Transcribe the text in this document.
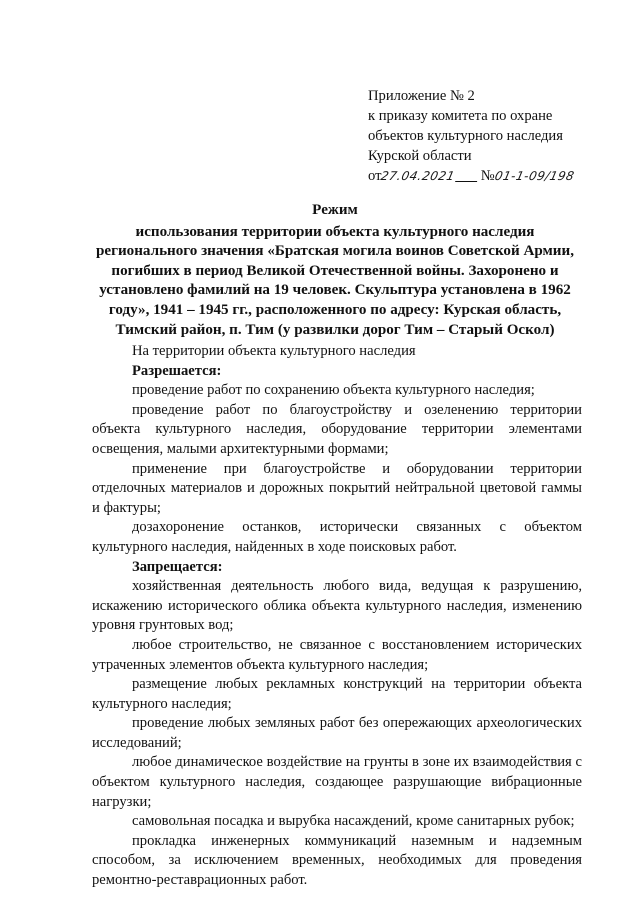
Приложение № 2
к приказу комитета по охране
объектов культурного наследия
Курской области
от27.04.2021 №01-1-09/198
Режим
использования территории объекта культурного наследия
регионального значения «Братская могила воинов Советской Армии,
погибших в период Великой Отечественной войны. Захоронено и
установлено фамилий на 19 человек. Скульптура установлена в 1962
году», 1941 – 1945 гг., расположенного по адресу: Курская область,
Тимский район, п. Тим (у развилки дорог Тим – Старый Оскол)

На территории объекта культурного наследия

Разрешается:

проведение работ по сохранению объекта культурного наследия;

проведение работ по благоустройству и озеленению территории объекта культурного наследия, оборудование территории элементами освещения, малыми архитектурными формами;

применение при благоустройстве и оборудовании территории отделочных материалов и дорожных покрытий нейтральной цветовой гаммы и фактуры;

дозахоронение останков, исторически связанных с объектом культурного наследия, найденных в ходе поисковых работ.

Запрещается:

хозяйственная деятельность любого вида, ведущая к разрушению, искажению исторического облика объекта культурного наследия, изменению уровня грунтовых вод;

любое строительство, не связанное с восстановлением исторических утраченных элементов объекта культурного наследия;

размещение любых рекламных конструкций на территории объекта культурного наследия;

проведение любых земляных работ без опережающих археологических исследований;

любое динамическое воздействие на грунты в зоне их взаимодействия с объектом культурного наследия, создающее разрушающие вибрационные нагрузки;

самовольная посадка и вырубка насаждений, кроме санитарных рубок;

прокладка инженерных коммуникаций наземным и надземным способом, за исключением временных, необходимых для проведения ремонтно-реставрационных работ.
